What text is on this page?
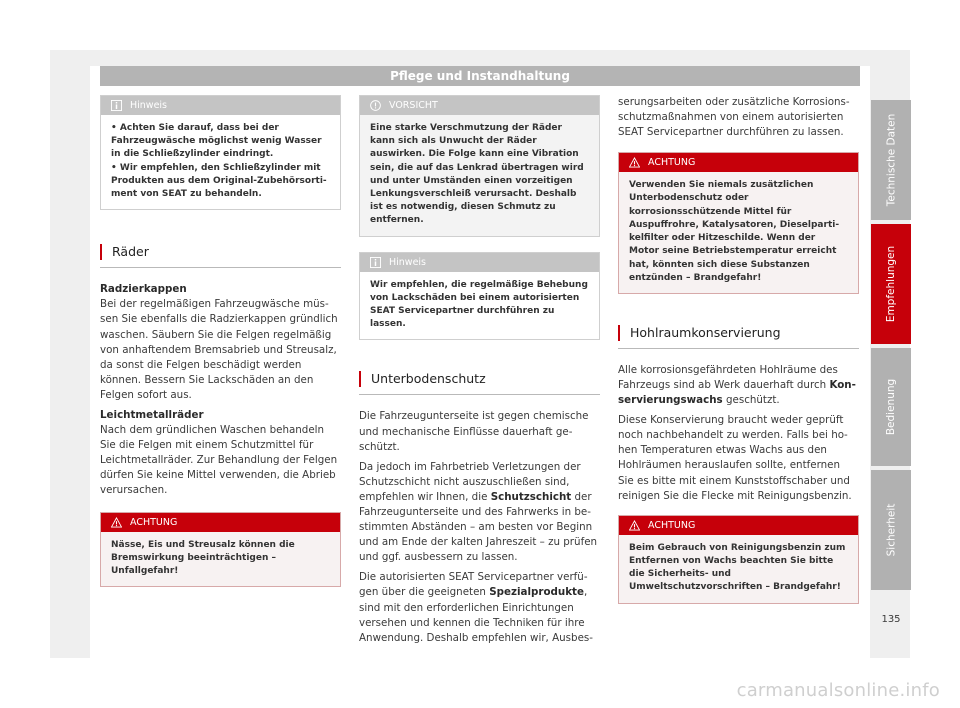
Pflege und Instandhaltung
Hinweis
• Achten Sie darauf, dass bei der Fahrzeugwäsche möglichst wenig Wasser in die Schließzylinder eindringt.
• Wir empfehlen, den Schließzylinder mit Produkten aus dem Original-Zubehörsortiment von SEAT zu behandeln.
Räder

Radzierkappen
Bei der regelmäßigen Fahrzeugwäsche müssen Sie ebenfalls die Radzierkappen gründlich waschen. Säubern Sie die Felgen regelmäßig von anhaftendem Bremsabrieb und Streusalz, da sonst die Felgen beschädigt werden können. Bessern Sie Lackschäden an den Felgen sofort aus.

Leichtmetallräder
Nach dem gründlichen Waschen behandeln Sie die Felgen mit einem Schutzmittel für Leichtmetallräder. Zur Behandlung der Felgen dürfen Sie keine Mittel verwenden, die Abrieb verursachen.

ACHTUNG
Nässe, Eis und Streusalz können die Bremswirkung beeinträchtigen – Unfallgefahr!
VORSICHT
Eine starke Verschmutzung der Räder kann sich als Unwucht der Räder auswirken. Die Folge kann eine Vibration sein, die auf das Lenkrad übertragen wird und unter Umständen einen vorzeitigen Lenkungsverschleiß verursacht. Deshalb ist es notwendig, diesen Schmutz zu entfernen.
Hinweis
Wir empfehlen, die regelmäßige Behebung von Lackschäden bei einem autorisierten SEAT Servicepartner durchführen zu lassen.
Unterbodenschutz

Die Fahrzeugunterseite ist gegen chemische und mechanische Einflüsse dauerhaft geschützt.

Da jedoch im Fahrbetrieb Verletzungen der Schutzschicht nicht auszuschließen sind, empfehlen wir Ihnen, die Schutzschicht der Fahrzeugunterseite und des Fahrwerks in bestimmten Abständen – am besten vor Beginn und am Ende der kalten Jahreszeit – zu prüfen und ggf. ausbessern zu lassen.

Die autorisierten SEAT Servicepartner verfügen über die geeigneten Spezialprodukte, sind mit den erforderlichen Einrichtungen versehen und kennen die Techniken für ihre Anwendung. Deshalb empfehlen wir, Ausbes-

serungsarbeiten oder zusätzliche Korrosionsschutzmaßnahmen von einem autorisierten SEAT Servicepartner durchführen zu lassen.

ACHTUNG
Verwenden Sie niemals zusätzlichen Unterbodenschutz oder korrosionsschützende Mittel für Auspuffrohre, Katalysatoren, Dieselpartikelfilter oder Hitzeschilde. Wenn der Motor seine Betriebstemperatur erreicht hat, könnten sich diese Substanzen entzünden – Brandgefahr!
Hohlraumkonservierung

Alle korrosionsgefährdeten Hohlräume des Fahrzeugs sind ab Werk dauerhaft durch Konservierungswachs geschützt.

Diese Konservierung braucht weder geprüft noch nachbehandelt zu werden. Falls bei hohen Temperaturen etwas Wachs aus den Hohlräumen herauslaufen sollte, entfernen Sie es bitte mit einem Kunststoffschaber und reinigen Sie die Flecke mit Reinigungsbenzin.

ACHTUNG
Beim Gebrauch von Reinigungsbenzin zum Entfernen von Wachs beachten Sie bitte die Sicherheits- und Umweltschutzvorschriften – Brandgefahr!
Technische Daten
Empfehlungen
Bedienung
Sicherheit
135
carmanualsonline.info
